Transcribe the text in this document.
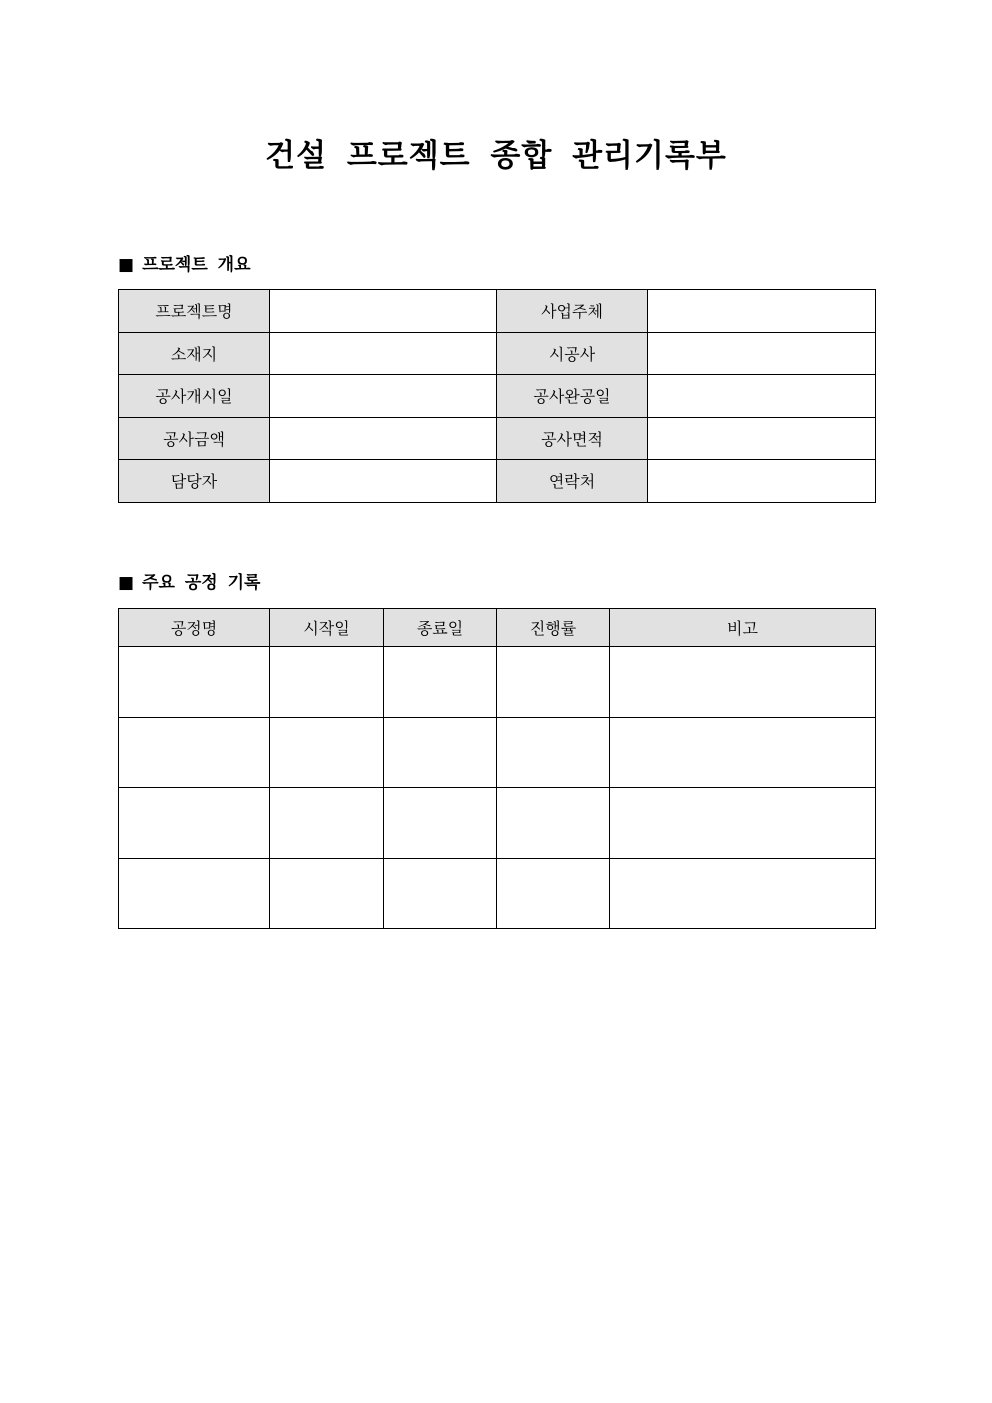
건설 프로젝트 종합 관리기록부
■ 프로젝트 개요
프로젝트명		사업주체	
소재지		시공사	
공사개시일		공사완공일	
공사금액		공사면적	
담당자		연락처	
■ 주요 공정 기록
공정명	시작일	종료일	진행률	비고
